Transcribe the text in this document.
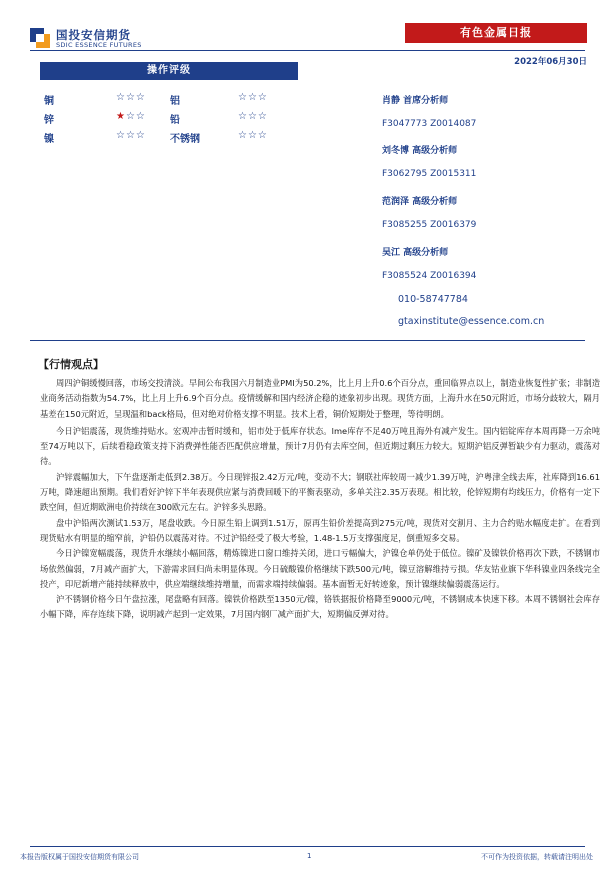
国投安信期货
SDIC ESSENCE FUTURES
有色金属日报
2022年06月30日
操作评级
铜	☆☆☆ 铝	☆☆☆
锌	★☆☆ 铅	☆☆☆
镍	☆☆☆ 不锈钢	☆☆☆
肖静 首席分析师
F3047773 Z0014087
刘冬博 高级分析师
F3062795 Z0015311
范润泽 高级分析师
F3085255 Z0016379
吴江 高级分析师
F3085524 Z0016394
010-58747784
gtaxinstitute@essence.com.cn
【行情观点】

周四沪铜缓慢回落，市场交投清淡。早间公布我国六月制造业PMI为50.2%，比上月上升0.6个百分点，重回临界点以上，制造业恢复性扩张；非制造业商务活动指数为54.7%，比上月上升6.9个百分点。疫情缓解和国内经济企稳的迹象初步出现。现货方面，上海升水在50元附近，市场分歧较大，隔月基差在150元附近，呈现温和back格局，但对绝对价格支撑不明显。技术上看，铜价短期处于整理，等待明朗。

今日沪铝震荡，现货维持贴水。宏观冲击暂时缓和，铝市处于低库存状态。lme库存不足40万吨且海外有减产发生。国内铝锭库存本周再降一万余吨至74万吨以下，后续看稳政策支持下消费弹性能否匹配供应增量，预计7月仍有去库空间，但近期过剩压力较大。短期沪铝反弹暂缺少有力驱动，震荡对待。

沪锌震幅加大，下午盘逐渐走低到2.38万。今日现锌报2.42万元/吨，变动不大；钢联社库较周一减少1.39万吨，沪粤津全线去库，社库降到16.61万吨，降速超出预期。我们看好沪锌下半年表现供应紧与消费回暖下的平衡表驱动，多单关注2.35万表现。相比较，伦锌短期有均线压力，价格有一定下跌空间，但近期欧洲电价持续在300欧元左右。沪锌多头思路。

盘中沪铅两次测试1.53万，尾盘收跌。今日原生铅上调到1.51万，原再生铅价差提高到275元/吨，现货对交割月、主力合约贴水幅度走扩。在看到现货贴水有明显的缩窄前，沪铅仍以震荡对待。不过沪铅经受了极大考验，1.48-1.5万支撑强度足，倒重短多交易。

今日沪镍宽幅震荡，现货升水继续小幅回落，精炼镍进口窗口维持关闭，进口亏幅偏大，沪镍仓单仍处于低位。镍矿及镍铁价格再次下跌，不锈钢市场依然偏弱，7月减产面扩大，下游需求回归尚未明显体现。今日硫酸镍价格继续下跌500元/吨，镍豆溶解维持亏损。华友钴业旗下华科镍业四条线完全投产，印尼新增产能持续释放中，供应端继续维持增量，而需求端持续偏弱。基本面暂无好转迹象，预计镍继续偏弱震荡运行。

沪不锈钢价格今日午盘拉涨，尾盘略有回落。镍铁价格跌至1350元/镍，铬铁据报价格降至9000元/吨，不锈钢成本快速下移。本周不锈钢社会库存小幅下降，库存连续下降，说明减产起到一定效果，7月国内钢厂减产面扩大，短期偏反弹对待。

本报告版权属于国投安信期货有限公司	1	不可作为投资依据，转载请注明出处
